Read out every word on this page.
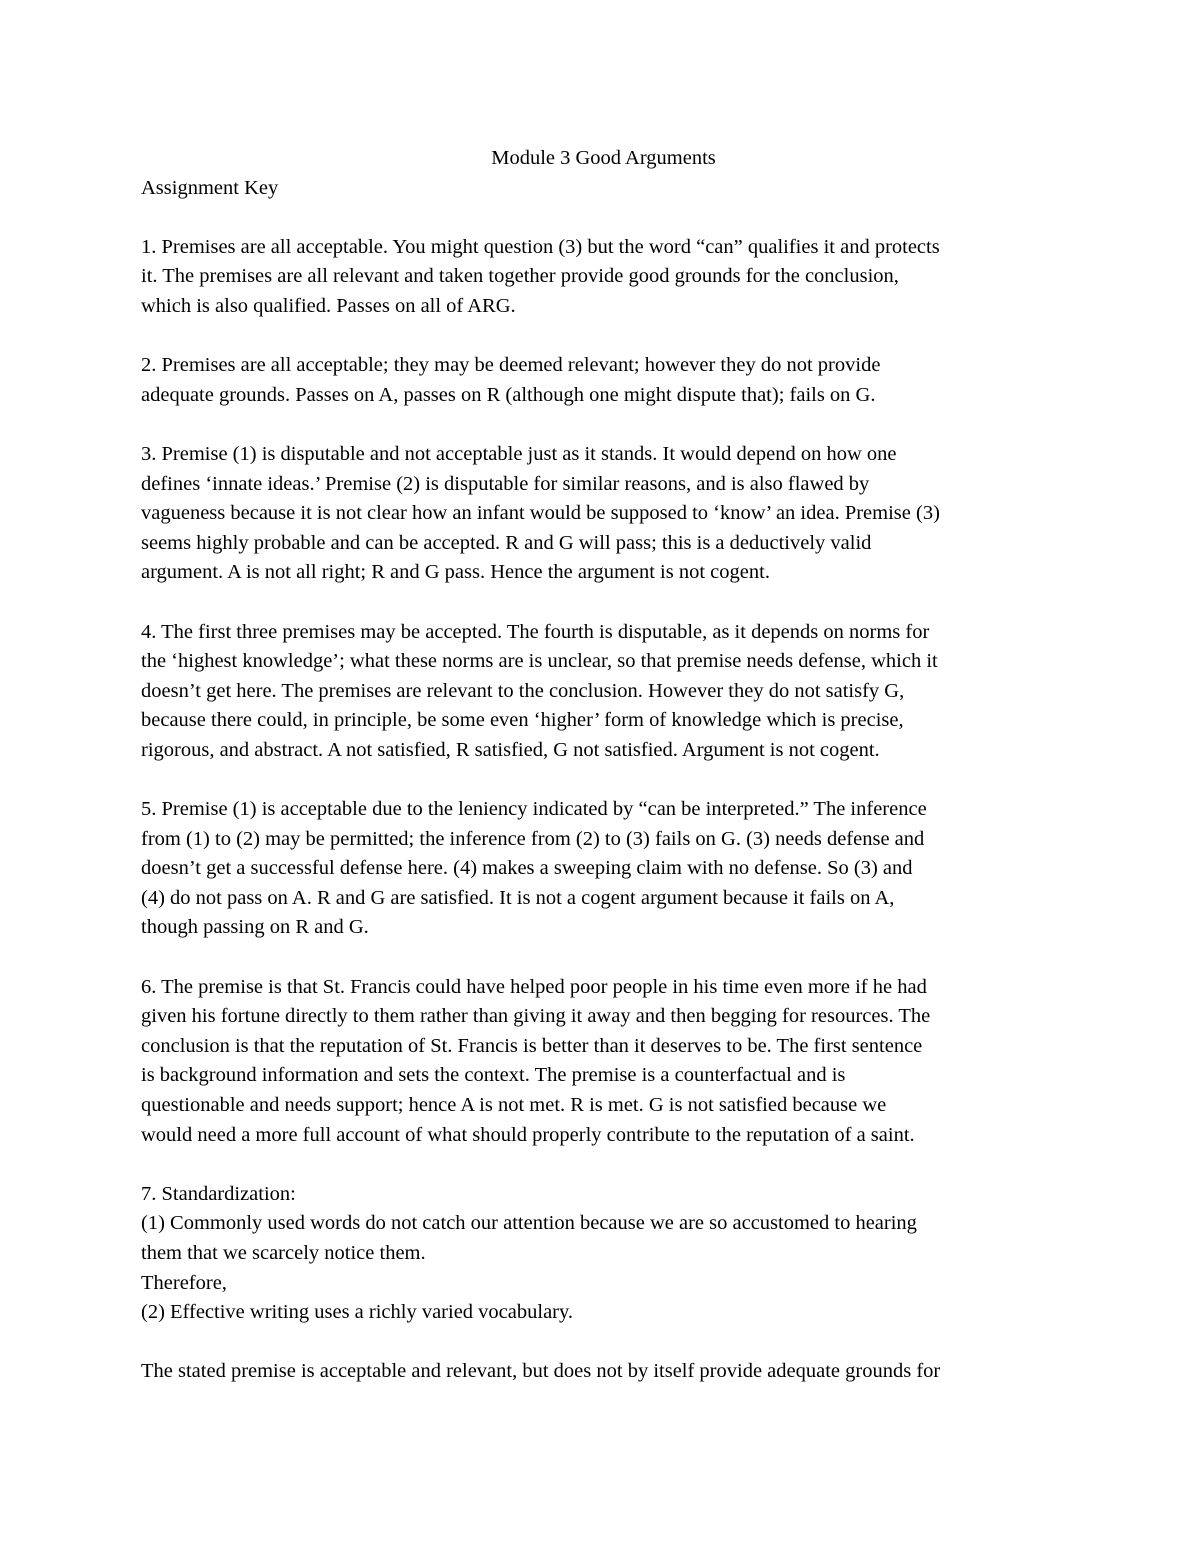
Module 3 Good Arguments

Assignment Key

1. Premises are all acceptable. You might question (3) but the word “can” qualifies it and protects
it. The premises are all relevant and taken together provide good grounds for the conclusion,
which is also qualified. Passes on all of ARG.
2. Premises are all acceptable; they may be deemed relevant; however they do not provide
adequate grounds. Passes on A, passes on R (although one might dispute that); fails on G.
3. Premise (1) is disputable and not acceptable just as it stands. It would depend on how one
defines ‘innate ideas.’ Premise (2) is disputable for similar reasons, and is also flawed by
vagueness because it is not clear how an infant would be supposed to ‘know’ an idea. Premise (3)
seems highly probable and can be accepted. R and G will pass; this is a deductively valid
argument. A is not all right; R and G pass. Hence the argument is not cogent.
4. The first three premises may be accepted. The fourth is disputable, as it depends on norms for
the ‘highest knowledge’; what these norms are is unclear, so that premise needs defense, which it
doesn’t get here. The premises are relevant to the conclusion. However they do not satisfy G,
because there could, in principle, be some even ‘higher’ form of knowledge which is precise,
rigorous, and abstract. A not satisfied, R satisfied, G not satisfied. Argument is not cogent.
5. Premise (1) is acceptable due to the leniency indicated by “can be interpreted.” The inference
from (1) to (2) may be permitted; the inference from (2) to (3) fails on G. (3) needs defense and
doesn’t get a successful defense here. (4) makes a sweeping claim with no defense. So (3) and
(4) do not pass on A. R and G are satisfied. It is not a cogent argument because it fails on A,
though passing on R and G.
6. The premise is that St. Francis could have helped poor people in his time even more if he had
given his fortune directly to them rather than giving it away and then begging for resources. The
conclusion is that the reputation of St. Francis is better than it deserves to be. The first sentence
is background information and sets the context. The premise is a counterfactual and is
questionable and needs support; hence A is not met. R is met. G is not satisfied because we
would need a more full account of what should properly contribute to the reputation of a saint.
7. Standardization:
(1) Commonly used words do not catch our attention because we are so accustomed to hearing
them that we scarcely notice them.
Therefore,
(2) Effective writing uses a richly varied vocabulary.
The stated premise is acceptable and relevant, but does not by itself provide adequate grounds for
